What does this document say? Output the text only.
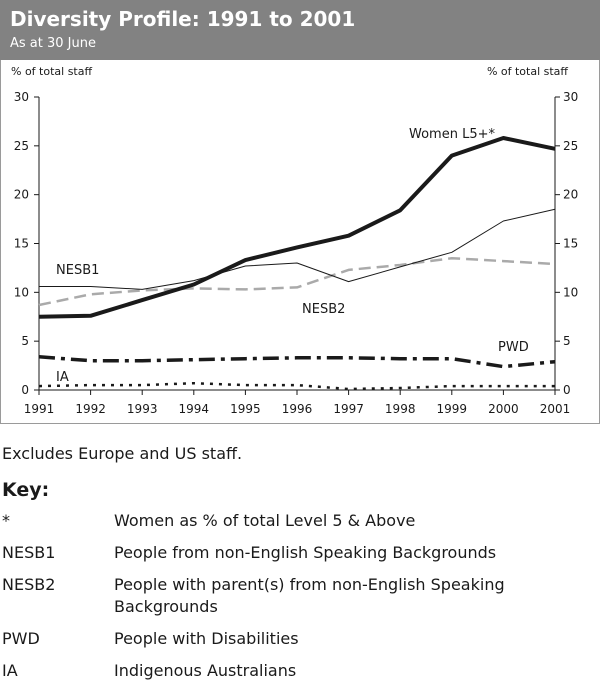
Diversity Profile: 1991 to 2001
As at 30 June
% of total staff	% of total staff
0	0
5	5
10	10
15	15
20	20
25	25
30	30
1991 1992 1993 1994 1995 1996 1997 1998 1999 2000 2001
Women L5+*
NESB1
NESB2
PWD
IA
Excludes Europe and US staff.
Key:
*	Women as % of total Level 5 & Above
NESB1	People from non-English Speaking Backgrounds
NESB2	People with parent(s) from non-English Speaking Backgrounds
PWD	People with Disabilities
IA	Indigenous Australians
